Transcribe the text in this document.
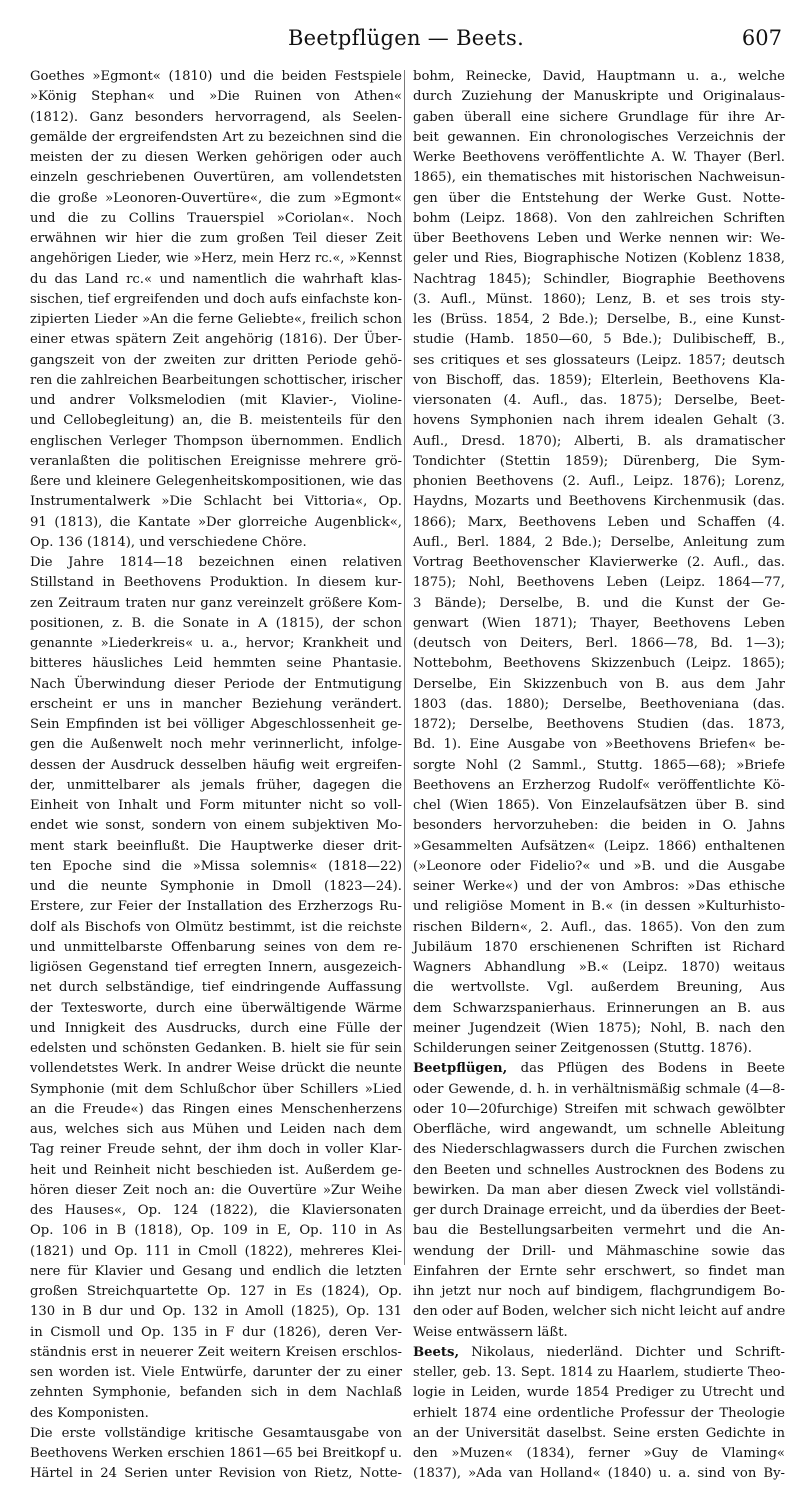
Beetpflügen — Beets.	607
Goethes »Egmont« (1810) und die beiden Festspiele
»König Stephan« und »Die Ruinen von Athen«
(1812). Ganz besonders hervorragend, als Seelen-
gemälde der ergreifendsten Art zu bezeichnen sind die
meisten der zu diesen Werken gehörigen oder auch
einzeln geschriebenen Ouvertüren, am vollendetsten
die große »Leonoren-Ouvertüre«, die zum »Egmont«
und die zu Collins Trauerspiel »Coriolan«. Noch
erwähnen wir hier die zum großen Teil dieser Zeit
angehörigen Lieder, wie »Herz, mein Herz rc.«, »Kennst
du das Land rc.« und namentlich die wahrhaft klas-
sischen, tief ergreifenden und doch aufs einfachste kon-
zipierten Lieder »An die ferne Geliebte«, freilich schon
einer etwas spätern Zeit angehörig (1816). Der Über-
gangszeit von der zweiten zur dritten Periode gehö-
ren die zahlreichen Bearbeitungen schottischer, irischer
und andrer Volksmelodien (mit Klavier-, Violine-
und Cellobegleitung) an, die B. meistenteils für den
englischen Verleger Thompson übernommen. Endlich
veranlaßten die politischen Ereignisse mehrere grö-
ßere und kleinere Gelegenheitskompositionen, wie das
Instrumentalwerk »Die Schlacht bei Vittoria«, Op.
91 (1813), die Kantate »Der glorreiche Augenblick«,
Op. 136 (1814), und verschiedene Chöre.
Die Jahre 1814—18 bezeichnen einen relativen
Stillstand in Beethovens Produktion. In diesem kur-
zen Zeitraum traten nur ganz vereinzelt größere Kom-
positionen, z. B. die Sonate in A (1815), der schon
genannte »Liederkreis« u. a., hervor; Krankheit und
bitteres häusliches Leid hemmten seine Phantasie.
Nach Überwindung dieser Periode der Entmutigung
erscheint er uns in mancher Beziehung verändert.
Sein Empfinden ist bei völliger Abgeschlossenheit ge-
gen die Außenwelt noch mehr verinnerlicht, infolge-
dessen der Ausdruck desselben häufig weit ergreifen-
der, unmittelbarer als jemals früher, dagegen die
Einheit von Inhalt und Form mitunter nicht so voll-
endet wie sonst, sondern von einem subjektiven Mo-
ment stark beeinflußt. Die Hauptwerke dieser drit-
ten Epoche sind die »Missa solemnis« (1818—22)
und die neunte Symphonie in Dmoll (1823—24).
Erstere, zur Feier der Installation des Erzherzogs Ru-
dolf als Bischofs von Olmütz bestimmt, ist die reichste
und unmittelbarste Offenbarung seines von dem re-
ligiösen Gegenstand tief erregten Innern, ausgezeich-
net durch selbständige, tief eindringende Auffassung
der Textesworte, durch eine überwältigende Wärme
und Innigkeit des Ausdrucks, durch eine Fülle der
edelsten und schönsten Gedanken. B. hielt sie für sein
vollendetstes Werk. In andrer Weise drückt die neunte
Symphonie (mit dem Schlußchor über Schillers »Lied
an die Freude«) das Ringen eines Menschenherzens
aus, welches sich aus Mühen und Leiden nach dem
Tag reiner Freude sehnt, der ihm doch in voller Klar-
heit und Reinheit nicht beschieden ist. Außerdem ge-
hören dieser Zeit noch an: die Ouvertüre »Zur Weihe
des Hauses«, Op. 124 (1822), die Klaviersonaten
Op. 106 in B (1818), Op. 109 in E, Op. 110 in As
(1821) und Op. 111 in Cmoll (1822), mehreres Klei-
nere für Klavier und Gesang und endlich die letzten
großen Streichquartette Op. 127 in Es (1824), Op.
130 in B dur und Op. 132 in Amoll (1825), Op. 131
in Cismoll und Op. 135 in F dur (1826), deren Ver-
ständnis erst in neuerer Zeit weitern Kreisen erschlos-
sen worden ist. Viele Entwürfe, darunter der zu einer
zehnten Symphonie, befanden sich in dem Nachlaß
des Komponisten.
Die erste vollständige kritische Gesamtausgabe von
Beethovens Werken erschien 1861—65 bei Breitkopf u.
Härtel in 24 Serien unter Revision von Rietz, Notte-
bohm, Reinecke, David, Hauptmann u. a., welche
durch Zuziehung der Manuskripte und Originalaus-
gaben überall eine sichere Grundlage für ihre Ar-
beit gewannen. Ein chronologisches Verzeichnis der
Werke Beethovens veröffentlichte A. W. Thayer (Berl.
1865), ein thematisches mit historischen Nachweisun-
gen über die Entstehung der Werke Gust. Notte-
bohm (Leipz. 1868). Von den zahlreichen Schriften
über Beethovens Leben und Werke nennen wir: We-
geler und Ries, Biographische Notizen (Koblenz 1838,
Nachtrag 1845); Schindler, Biographie Beethovens
(3. Aufl., Münst. 1860); Lenz, B. et ses trois sty-
les (Brüss. 1854, 2 Bde.); Derselbe, B., eine Kunst-
studie (Hamb. 1850—60, 5 Bde.); Dulibischeff, B.,
ses critiques et ses glossateurs (Leipz. 1857; deutsch
von Bischoff, das. 1859); Elterlein, Beethovens Kla-
viersonaten (4. Aufl., das. 1875); Derselbe, Beet-
hovens Symphonien nach ihrem idealen Gehalt (3.
Aufl., Dresd. 1870); Alberti, B. als dramatischer
Tondichter (Stettin 1859); Dürenberg, Die Sym-
phonien Beethovens (2. Aufl., Leipz. 1876); Lorenz,
Haydns, Mozarts und Beethovens Kirchenmusik (das.
1866); Marx, Beethovens Leben und Schaffen (4.
Aufl., Berl. 1884, 2 Bde.); Derselbe, Anleitung zum
Vortrag Beethovenscher Klavierwerke (2. Aufl., das.
1875); Nohl, Beethovens Leben (Leipz. 1864—77,
3 Bände); Derselbe, B. und die Kunst der Ge-
genwart (Wien 1871); Thayer, Beethovens Leben
(deutsch von Deiters, Berl. 1866—78, Bd. 1—3);
Nottebohm, Beethovens Skizzenbuch (Leipz. 1865);
Derselbe, Ein Skizzenbuch von B. aus dem Jahr
1803 (das. 1880); Derselbe, Beethoveniana (das.
1872); Derselbe, Beethovens Studien (das. 1873,
Bd. 1). Eine Ausgabe von »Beethovens Briefen« be-
sorgte Nohl (2 Samml., Stuttg. 1865—68); »Briefe
Beethovens an Erzherzog Rudolf« veröffentlichte Kö-
chel (Wien 1865). Von Einzelaufsätzen über B. sind
besonders hervorzuheben: die beiden in O. Jahns
»Gesammelten Aufsätzen« (Leipz. 1866) enthaltenen
(»Leonore oder Fidelio?« und »B. und die Ausgabe
seiner Werke«) und der von Ambros: »Das ethische
und religiöse Moment in B.« (in dessen »Kulturhisto-
rischen Bildern«, 2. Aufl., das. 1865). Von den zum
Jubiläum 1870 erschienenen Schriften ist Richard
Wagners Abhandlung »B.« (Leipz. 1870) weitaus
die wertvollste. Vgl. außerdem Breuning, Aus
dem Schwarzspanierhaus. Erinnerungen an B. aus
meiner Jugendzeit (Wien 1875); Nohl, B. nach den
Schilderungen seiner Zeitgenossen (Stuttg. 1876).
Beetpflügen, das Pflügen des Bodens in Beete
oder Gewende, d. h. in verhältnismäßig schmale (4—8-
oder 10—20furchige) Streifen mit schwach gewölbter
Oberfläche, wird angewandt, um schnelle Ableitung
des Niederschlagwassers durch die Furchen zwischen
den Beeten und schnelles Austrocknen des Bodens zu
bewirken. Da man aber diesen Zweck viel vollständi-
ger durch Drainage erreicht, und da überdies der Beet-
bau die Bestellungsarbeiten vermehrt und die An-
wendung der Drill- und Mähmaschine sowie das
Einfahren der Ernte sehr erschwert, so findet man
ihn jetzt nur noch auf bindigem, flachgrundigem Bo-
den oder auf Boden, welcher sich nicht leicht auf andre
Weise entwässern läßt.
Beets, Nikolaus, niederländ. Dichter und Schrift-
steller, geb. 13. Sept. 1814 zu Haarlem, studierte Theo-
logie in Leiden, wurde 1854 Prediger zu Utrecht und
erhielt 1874 eine ordentliche Professur der Theologie
an der Universität daselbst. Seine ersten Gedichte in
den »Muzen« (1834), ferner »Guy de Vlaming«
(1837), »Ada van Holland« (1840) u. a. sind von By-
